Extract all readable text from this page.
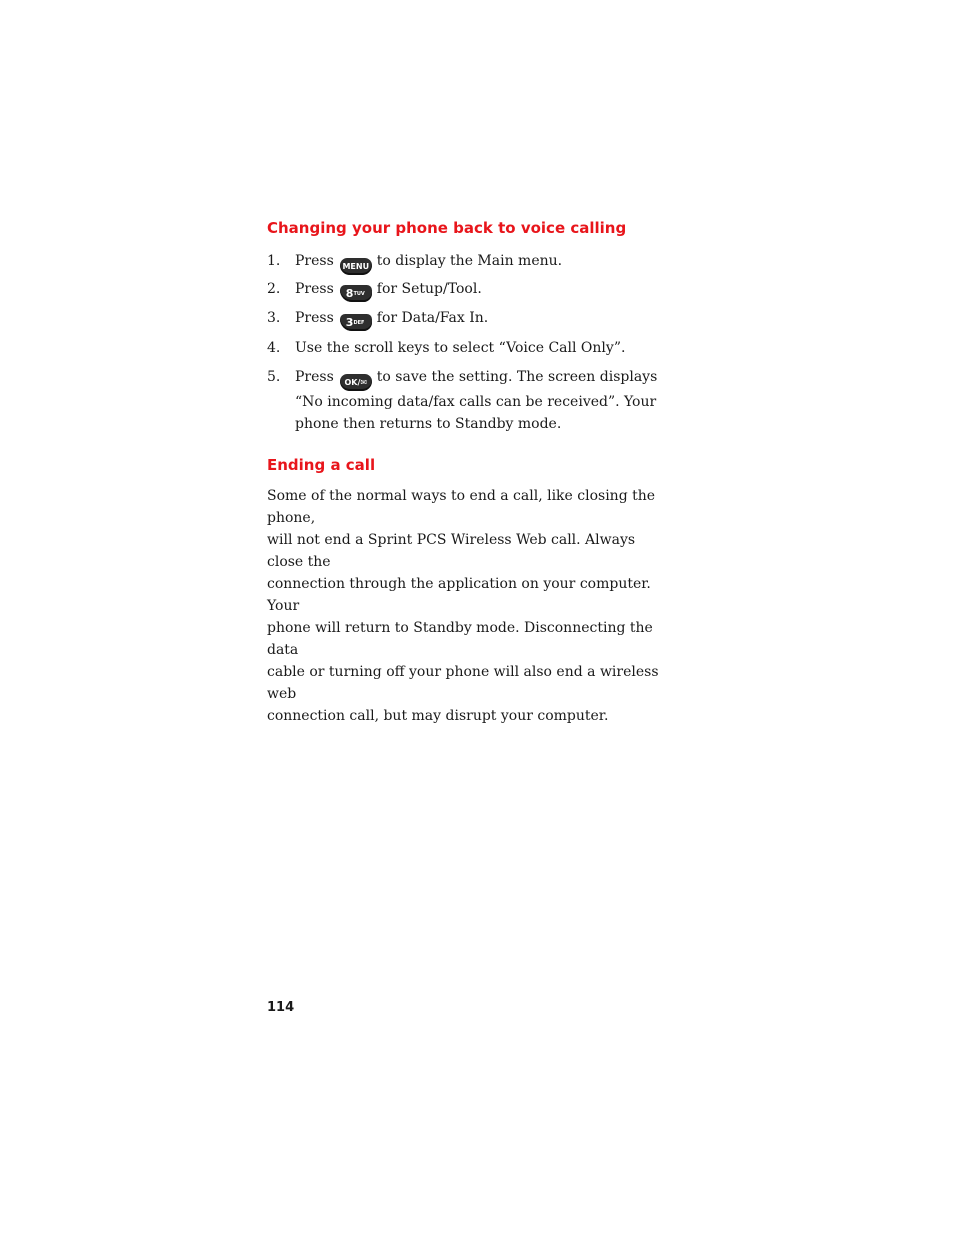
Changing your phone back to voice calling
1. Press MENU to display the Main menu.
2. Press $8^{TUV}$ for Setup/Tool.
3. Press $3^{DEF}$ for Data/Fax In.
4. Use the scroll keys to select “Voice Call Only”.
5. Press OK/✉ to save the setting. The screen displays “No incoming data/fax calls can be received”. Your phone then returns to Standby mode.
Ending a call

Some of the normal ways to end a call, like closing the phone,
will not end a Sprint PCS Wireless Web call. Always close the
connection through the application on your computer. Your
phone will return to Standby mode. Disconnecting the data
cable or turning off your phone will also end a wireless web
connection call, but may disrupt your computer.

114
